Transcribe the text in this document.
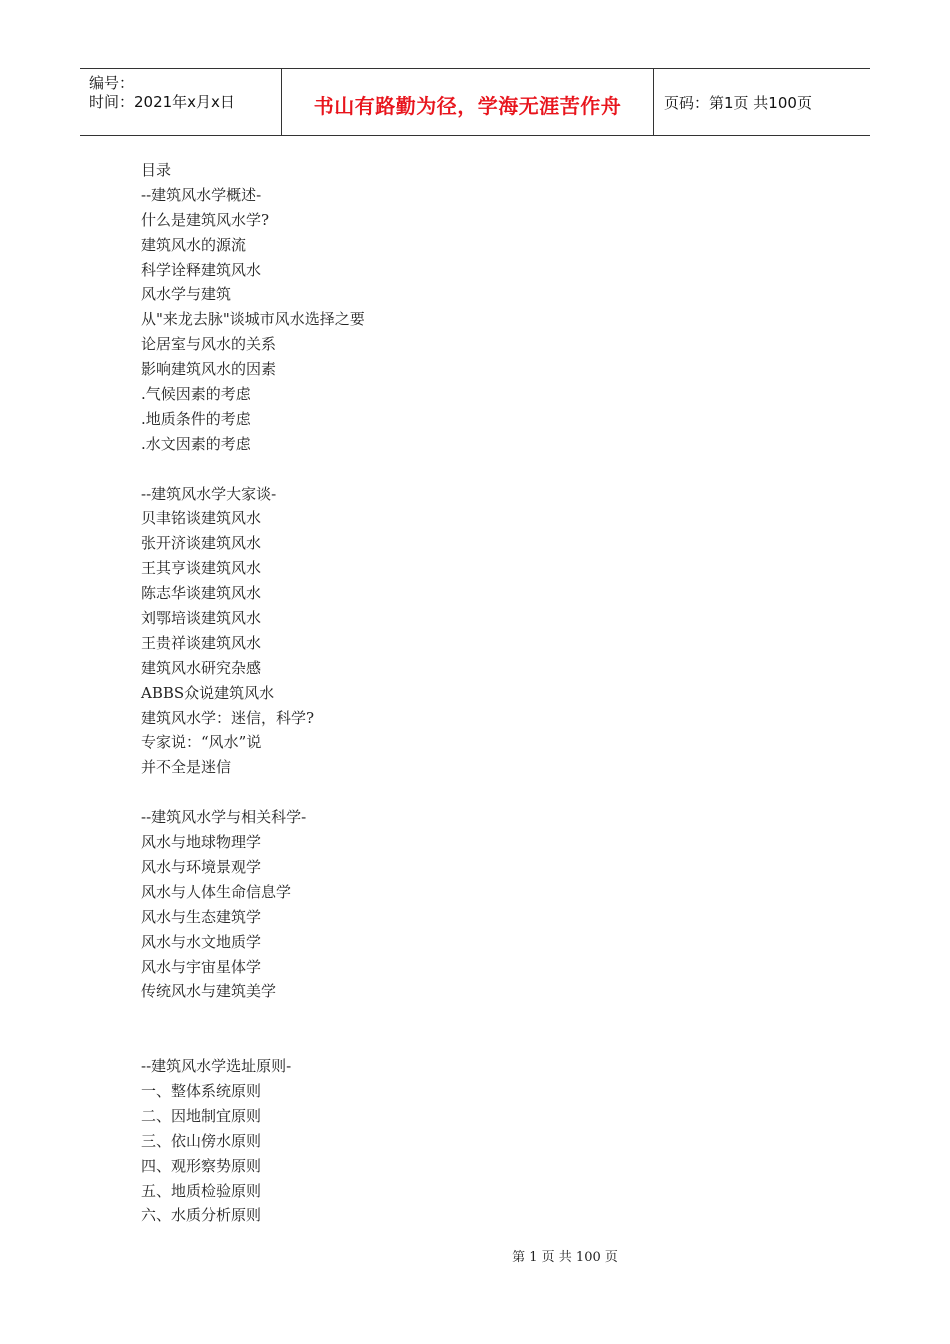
编号：
时间：2021年x月x日	书山有路勤为径，学海无涯苦作舟	页码：第1页 共100页
目录
--建筑风水学概述-
什么是建筑风水学?
建筑风水的源流
科学诠释建筑风水
风水学与建筑
从"来龙去脉"谈城市风水选择之要
论居室与风水的关系
影响建筑风水的因素
.气候因素的考虑
.地质条件的考虑
.水文因素的考虑
--建筑风水学大家谈-
贝聿铭谈建筑风水
张开济谈建筑风水
王其亨谈建筑风水
陈志华谈建筑风水
刘鄂培谈建筑风水
王贵祥谈建筑风水
建筑风水研究杂感
ABBS众说建筑风水
建筑风水学：迷信，科学?
专家说：“风水”说
并不全是迷信
--建筑风水学与相关科学-
风水与地球物理学
风水与环境景观学
风水与人体生命信息学
风水与生态建筑学
风水与水文地质学
风水与宇宙星体学
传统风水与建筑美学
--建筑风水学选址原则-
一、整体系统原则
二、因地制宜原则
三、依山傍水原则
四、观形察势原则
五、地质检验原则
六、水质分析原则
第 1 页 共 100 页
